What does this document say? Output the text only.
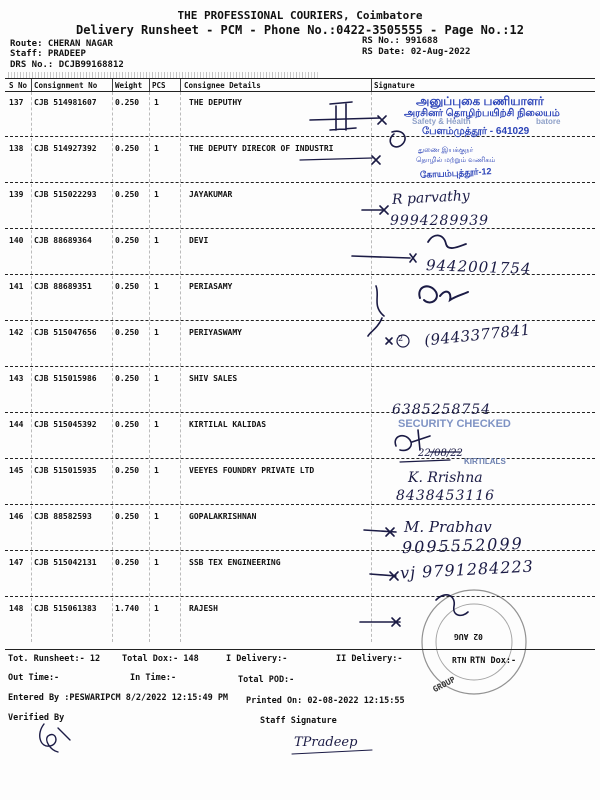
THE PROFESSIONAL COURIERS, Coimbatore
Delivery Runsheet - PCM - Phone No.:0422-3505555 - Page No.:12
Route: CHERAN NAGAR
Staff: PRADEEP
DRS No.: DCJB99168812
RS No.: 991688
RS Date: 02-Aug-2022
S No Consignment No Weight PCS Consignee Details	Signature
137 CJB 514981607 0.250 1	THE DEPUTHY
138 CJB 514927392 0.250 1	THE DEPUTY DIRECOR OF INDUSTRI
139 CJB 515022293 0.250 1	JAYAKUMAR
140 CJB 88689364	0.250 1	DEVI
141 CJB 88689351	0.250 1	PERIASAMY
142 CJB 515047656 0.250 1	PERIYASWAMY
143 CJB 515015986 0.250 1	SHIV SALES
144 CJB 515045392 0.250 1	KIRTILAL KALIDAS
145 CJB 515015935 0.250 1	VEEYES FOUNDRY PRIVATE LTD
146 CJB 88582593	0.250 1	GOPALAKRISHNAN
147 CJB 515042131 0.250 1	SSB TEX ENGINEERING
148 CJB 515061383 1.740 1	RAJESH
அனுப்புகை பணியாளர்
அரசினர் தொழிற்பயிற்சி நிலையம்
Safety & Health	batore
பேளம்முத்தூர் - 641029
துணை இயக்குநர்
தொழில் மற்றும் வணிகம்
கோயம்புத்தூர்-12
SECURITY CHECKED
KIRTILALS
RTN
02 AUG
GROUP
R parvathy
9994289939
9442001754
2 (9443377841
6385258754
22/08/22
K. Rrishna
8438453116
M. Prabhav
9095552099
vj 9791284223
TPradeep
Tot. Runsheet:- 12	Total Dox:- 148	I Delivery:-	II Delivery:-	RTN Dox:-
Out Time:-	In Time:-	Total POD:-
Entered By :PESWARIPCM 8/2/2022 12:15:49 PM Printed On: 02-08-2022 12:15:55
Verified By	Staff Signature
